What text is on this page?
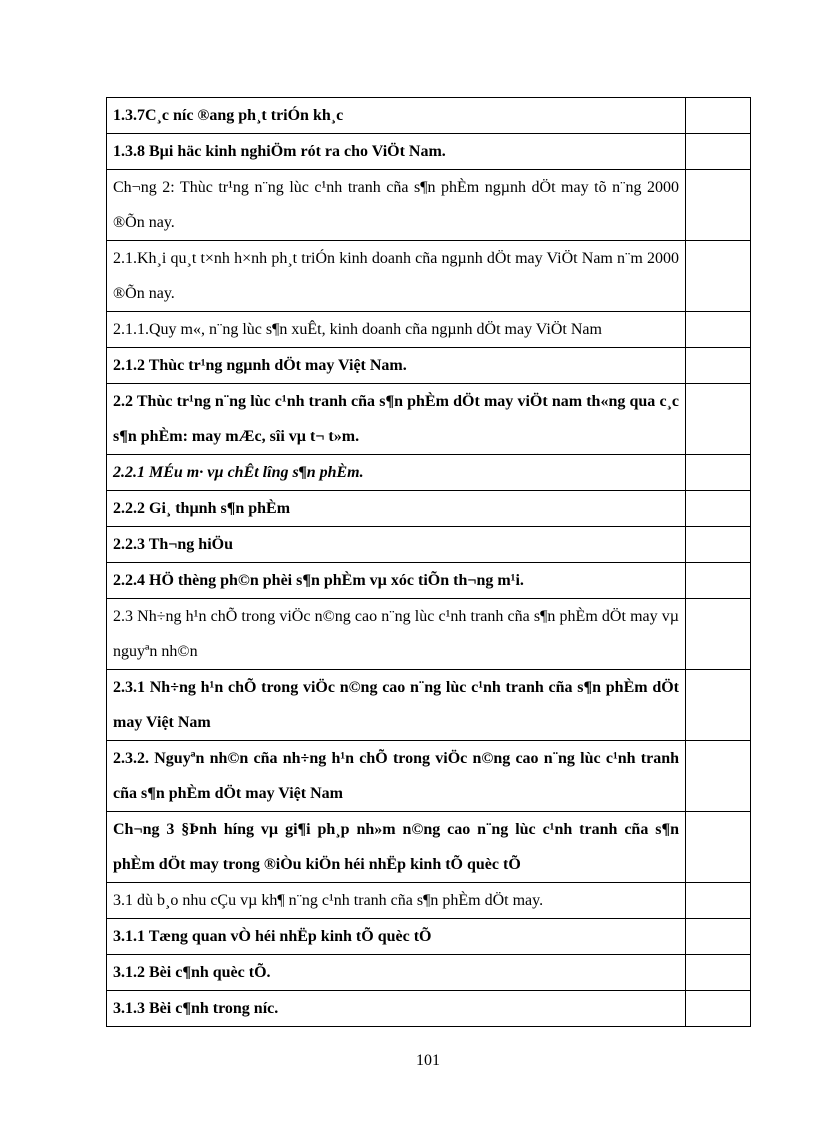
1.3.7C¸c níc ®ang ph¸t triÓn kh¸c	
1.3.8 Bµi häc kinh nghiÖm rót ra cho ViÖt Nam.	
Ch¬ng 2: Thùc tr¹ng n¨ng lùc c¹nh tranh cña s¶n phÈm ngµnh dÖt may tõ n¨ng 2000 ®Õn nay.	
2.1.Kh¸i qu¸t t×nh h×nh ph¸t triÓn kinh doanh cña ngµnh dÖt may ViÖt Nam n¨m 2000 ®Õn nay.	
2.1.1.Quy m«, n¨ng lùc s¶n xuÊt, kinh doanh cña ngµnh dÖt may ViÖt Nam	
2.1.2 Thùc tr¹ng ngµnh dÖt may Việt Nam.	
2.2 Thùc tr¹ng n¨ng lùc c¹nh tranh cña s¶n phÈm dÖt may viÖt nam th«ng qua c¸c s¶n phÈm: may mÆc, sîi vµ t¬ t»m.	
2.2.1 MÉu m· vµ chÊt lîng s¶n phÈm.	
2.2.2 Gi¸ thµnh s¶n phÈm	
2.2.3 Th¬ng hiÖu	
2.2.4 HÖ thèng ph©n phèi s¶n phÈm vµ xóc tiÕn th¬ng m¹i.	
2.3 Nh÷ng h¹n chÕ trong viÖc n©ng cao n¨ng lùc c¹nh tranh cña s¶n phÈm dÖt may vµ nguyªn nh©n	
2.3.1 Nh÷ng h¹n chÕ trong viÖc n©ng cao n¨ng lùc c¹nh tranh cña s¶n phÈm dÖt may Việt Nam	
2.3.2. Nguyªn nh©n cña nh÷ng h¹n chÕ trong viÖc n©ng cao n¨ng lùc c¹nh tranh cña s¶n phÈm dÖt may Việt Nam	
Ch¬ng 3 §Þnh híng vµ gi¶i ph¸p nh»m n©ng cao n¨ng lùc c¹nh tranh cña s¶n phÈm dÖt may trong ®iÒu kiÖn héi nhËp kinh tÕ quèc tÕ	
3.1 dù b¸o nhu cÇu vµ kh¶ n¨ng c¹nh tranh cña s¶n phÈm dÖt may.	
3.1.1 Tæng quan vÒ héi nhËp kinh tÕ quèc tÕ	
3.1.2 Bèi c¶nh quèc tÕ.	
3.1.3 Bèi c¶nh trong níc.	
101
